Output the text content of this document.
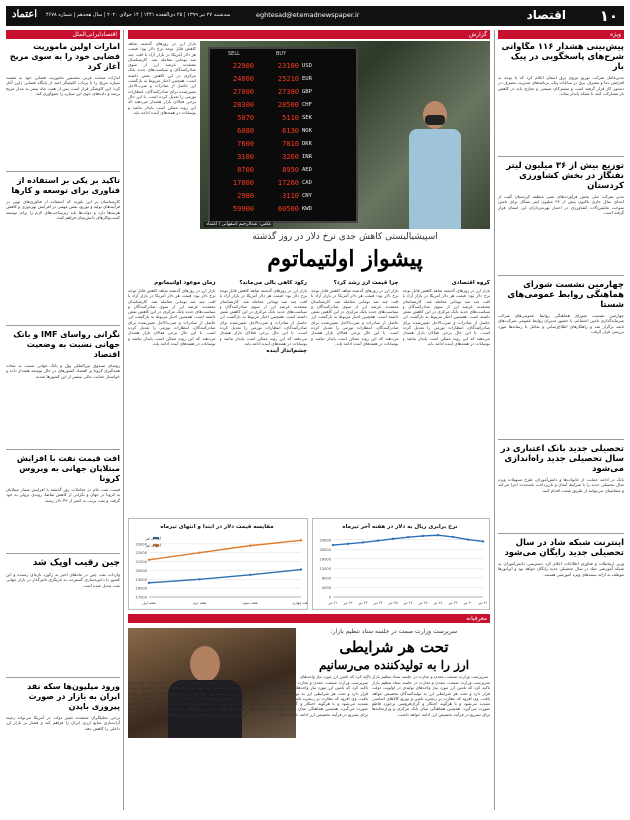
۱۰
اقتصاد
eghtesad@etemadnewspaper.ir
سه‌شنبه ۲۷ تیر ۱۳۹۹ | ۲۵ ذی‌القعده ۱۴۴۱ | ۱۴ جولای ۲۰۲۰ | سال هجدهم | شماره ۴۶۷۸
اعتماد
ویژه
پیش‌بینی هشدار ۱۱۶ مگاواتی شرح‌های پاسخگویی در پیک بار
مدیرعامل شرکت توزیع نیروی برق استان اعلام کرد که با توجه به افزایش دما و مصرف برق در ساعات پیک، برنامه‌های مدیریت مصرف در دستور کار قرار گرفته است و مشترکان صنعتی و تجاری باید در کاهش بار مشارکت کنند تا شبکه پایدار بماند.
توزیع بیش از ۳۶ میلیون لیتر نفتگاز در بخش کشاورزی کردستان
مدیر شرکت ملی پخش فرآورده‌های نفتی منطقه کردستان گفت از ابتدای سال جاری تاکنون بیش از ۳۶ میلیون لیتر نفتگاز برای تامین سوخت ماشین‌آلات کشاورزی در اختیار بهره‌برداران این استان قرار گرفته است.
چهارمین نشست شورای هماهنگی روابط عمومی‌های شستا
چهارمین نشست شورای هماهنگی روابط عمومی‌های شرکت سرمایه‌گذاری تامین اجتماعی با حضور مدیران روابط عمومی شرکت‌های تابعه برگزار شد و راهکارهای اطلاع‌رسانی و تعامل با رسانه‌ها مورد بررسی قرار گرفت.
تحصیلی جدید بانک اعتباری در سال تحصیلی جدید راه‌اندازی می‌شود
بانک در ادامه حمایت از خانواده‌ها و دانش‌آموزان، طرح تسهیلات ویژه سال تحصیلی جدید را با شرایط آسان و بازپرداخت بلندمدت اجرا می‌کند و متقاضیان می‌توانند از طریق شعب اقدام کنند.
اینترنت شبکه شاد در سال تحصیلی جدید رایگان می‌شود
وزیر ارتباطات و فناوری اطلاعات اعلام کرد دسترسی دانش‌آموزان به شبکه آموزشی شاد در سال تحصیلی جدید رایگان خواهد بود و اپراتورها موظف به ارائه بسته‌های ویژه آموزشی هستند.
گزارش
SELL	BUY
22900	23100 USD
24000	25210 EUR
27000	27380 GBP
28300	28500 CHF
5070	5110 SEK
6080	6130 NOK
7600	7810 DKK
3100	3260 INR
8700	8950 AED
17000	17260 CAD
2980	3110 CNY
59900	60500 KWD
عکس: عبدالرحیم اصفهانی / اعتماد
بازار ارز در روزهای گذشته شاهد کاهش قابل توجه نرخ دلار بود؛ قیمت هر دلار آمریکا در بازار آزاد با افت چند صد تومانی معامله شد. کارشناسان معتقدند عرضه ارز از سوی صادرکنندگان و سیاست‌های جدید بانک مرکزی در این کاهش نقش داشته است. همچنین اخبار مربوط به بازگشت ارز حاصل از صادرات و ضرب‌الاجل تعیین‌شده برای صادرکنندگان، انتظارات تورمی را تعدیل کرده است. با این حال برخی فعالان بازار هشدار می‌دهند که این روند ممکن است پایدار نباشد و نوسانات در هفته‌های آینده ادامه یابد.
اسپیشیالیستی کاهش جدی نرخ دلار در روز گذشته
پیشواز اولتیماتوم
گروه اقتصادی
بازار ارز در روزهای گذشته شاهد کاهش قابل توجه نرخ دلار بود؛ قیمت هر دلار آمریکا در بازار آزاد با افت چند صد تومانی معامله شد. کارشناسان معتقدند عرضه ارز از سوی صادرکنندگان و سیاست‌های جدید بانک مرکزی در این کاهش نقش داشته است. همچنین اخبار مربوط به بازگشت ارز حاصل از صادرات و ضرب‌الاجل تعیین‌شده برای صادرکنندگان، انتظارات تورمی را تعدیل کرده است. با این حال برخی فعالان بازار هشدار می‌دهند که این روند ممکن است پایدار نباشد و نوسانات در هفته‌های آینده ادامه یابد.
چرا قیمت ارز رشد کرد؟
بازار ارز در روزهای گذشته شاهد کاهش قابل توجه نرخ دلار بود؛ قیمت هر دلار آمریکا در بازار آزاد با افت چند صد تومانی معامله شد. کارشناسان معتقدند عرضه ارز از سوی صادرکنندگان و سیاست‌های جدید بانک مرکزی در این کاهش نقش داشته است. همچنین اخبار مربوط به بازگشت ارز حاصل از صادرات و ضرب‌الاجل تعیین‌شده برای صادرکنندگان، انتظارات تورمی را تعدیل کرده است. با این حال برخی فعالان بازار هشدار می‌دهند که این روند ممکن است پایدار نباشد و نوسانات در هفته‌های آینده ادامه یابد.
رکود کاهی بالی می‌ماند؟
بازار ارز در روزهای گذشته شاهد کاهش قابل توجه نرخ دلار بود؛ قیمت هر دلار آمریکا در بازار آزاد با افت چند صد تومانی معامله شد. کارشناسان معتقدند عرضه ارز از سوی صادرکنندگان و سیاست‌های جدید بانک مرکزی در این کاهش نقش داشته است. همچنین اخبار مربوط به بازگشت ارز حاصل از صادرات و ضرب‌الاجل تعیین‌شده برای صادرکنندگان، انتظارات تورمی را تعدیل کرده است. با این حال برخی فعالان بازار هشدار می‌دهند که این روند ممکن است پایدار نباشد و نوسانات در هفته‌های آینده ادامه یابد.
چشم‌انداز آینده
زمان موعود اولتیماتوم
بازار ارز در روزهای گذشته شاهد کاهش قابل توجه نرخ دلار بود؛ قیمت هر دلار آمریکا در بازار آزاد با افت چند صد تومانی معامله شد. کارشناسان معتقدند عرضه ارز از سوی صادرکنندگان و سیاست‌های جدید بانک مرکزی در این کاهش نقش داشته است. همچنین اخبار مربوط به بازگشت ارز حاصل از صادرات و ضرب‌الاجل تعیین‌شده برای صادرکنندگان، انتظارات تورمی را تعدیل کرده است. با این حال برخی فعالان بازار هشدار می‌دهند که این روند ممکن است پایدار نباشد و نوسانات در هفته‌های آینده ادامه یابد.
نرخ برابری ریال به دلار در هفته آخر تیرماه
0
4000
8000
12000
16000
20000
24000
۲۱ تیر ۲۲ تیر ۲۳ تیر ۲۴ تیر ۲۵ تیر ۲۶ تیر ۲۷ تیر ۲۸ تیر ۲۹ تیر ۳۰ تیر ۳۱ تیر
مقایسه قیمت دلار در ابتدا و انتهای تیرماه
17000
18000
19000
20000
21000
22000
23000
هفته اول	هفته دوم	هفته سوم	ته چهارم
ابتدای تیر
انتهای تیر
معرفیانه
سرپرست وزارت صمت در جلسه ستاد تنظیم بازار:
تحت هر شرایطی
ارز را به تولیدکننده می‌رسانیم
سرپرست وزارت صنعت، معدن و تجارت در جلسه ستاد تنظیم بازار تاکید کرد که تامین ارز مورد نیاز واحدهای تولیدی در اولویت دولت قرار دارد و تحت هر شرایطی ارز به تولیدکنندگان تخصیص خواهد یافت. وی افزود که نظارت بر زنجیره تامین و توزیع کالاهای اساسی تشدید می‌شود و با هرگونه احتکار و گران‌فروشی برخورد قاطع صورت می‌گیرد. همچنین هماهنگی میان بانک مرکزی و وزارتخانه‌ها برای تسریع در فرآیند تخصیص ارز ادامه خواهد داشت.
سرپرست وزارت صنعت، معدن و تجارت در جلسه ستاد تنظیم بازار تاکید کرد که تامین ارز مورد نیاز واحدهای تولیدی در اولویت دولت قرار دارد و تحت هر شرایطی ارز به تولیدکنندگان تخصیص خواهد یافت. وی افزود که نظارت بر زنجیره تامین و توزیع کالاهای اساسی تشدید می‌شود و با هرگونه احتکار و گران‌فروشی برخورد قاطع صورت می‌گیرد. همچنین هماهنگی میان بانک مرکزی و وزارتخانه‌ها برای تسریع در فرآیند تخصیص ارز ادامه خواهد داشت.
سرپرست وزارت صنعت، معدن و تجارت در جلسه ستاد تنظیم بازار تاکید کرد که تامین ارز مورد نیاز واحدهای تولیدی در اولویت دولت قرار دارد و تحت هر شرایطی ارز به تولیدکنندگان تخصیص خواهد یافت. وی افزود که نظارت بر زنجیره تامین و توزیع کالاهای اساسی تشدید می‌شود و با هرگونه احتکار و گران‌فروشی برخورد قاطع صورت می‌گیرد. همچنین هماهنگی میان بانک مرکزی و وزارتخانه‌ها برای تسریع در فرآیند تخصیص ارز ادامه خواهد داشت.
سرپرست وزارت صنعت، معدن و تجارت در جلسه ستاد تنظیم بازار تاکید کرد که تامین ارز مورد نیاز واحدهای
اقتصادایرانی‌الملل
امارات اولین ماموریت فضایی خود را به سوی مریخ آغاز کرد
امارات متحده عربی نخستین ماموریت فضایی خود به مقصد سیاره مریخ را با پرتاب کاوشگر امید از پایگاه فضایی ژاپن آغاز کرد؛ این کاوشگر قرار است پس از هفت ماه سفر به مدار مریخ برسد و داده‌های جوی این سیاره را جمع‌آوری کند.
تاکید بر یکی بر استفاده از فناوری برای توسعه و کارها
کارشناسان بر این باورند که استفاده از فناوری‌های نوین در فرآیندهای تولید و توزیع، نقش مهمی در افزایش بهره‌وری و کاهش هزینه‌ها دارد و دولت‌ها باید زیرساخت‌های لازم را برای توسعه کسب‌وکارهای دانش‌بنیان فراهم کنند.
نگرانی رواسای IMF و بانک جهانی نسبت به وضعیت اقتصاد
روسای صندوق بین‌المللی پول و بانک جهانی نسبت به تبعات همه‌گیری کرونا بر اقتصاد کشورهای در حال توسعه هشدار داده و خواستار حمایت مالی بیشتر از این کشورها شدند.
افت قیمت نفت با افزایش مبتلایان جهانی به ویروس کرونا
قیمت نفت خام در معاملات روز گذشته با افزایش شمار مبتلایان به کرونا در جهان و نگرانی از کاهش تقاضا، روندی نزولی به خود گرفت و نفت برنت به کمتر از ۴۳ دلار رسید.
چین رقیب اوپک شد
واردات نفت چین در ماه‌های اخیر به رکورد تازه‌ای رسیده و این کشور با ذخیره‌سازی گسترده، به بازیگری تاثیرگذار در بازار جهانی نفت تبدیل شده است.
ورود میلیون‌ها سکه نقد ایران به بازار در صورت پیروزی بایدن
برخی تحلیلگران معتقدند تغییر دولت در آمریکا می‌تواند زمینه آزادسازی منابع ارزی ایران را فراهم کند و فشار بر بازار ارز داخلی را کاهش دهد.
